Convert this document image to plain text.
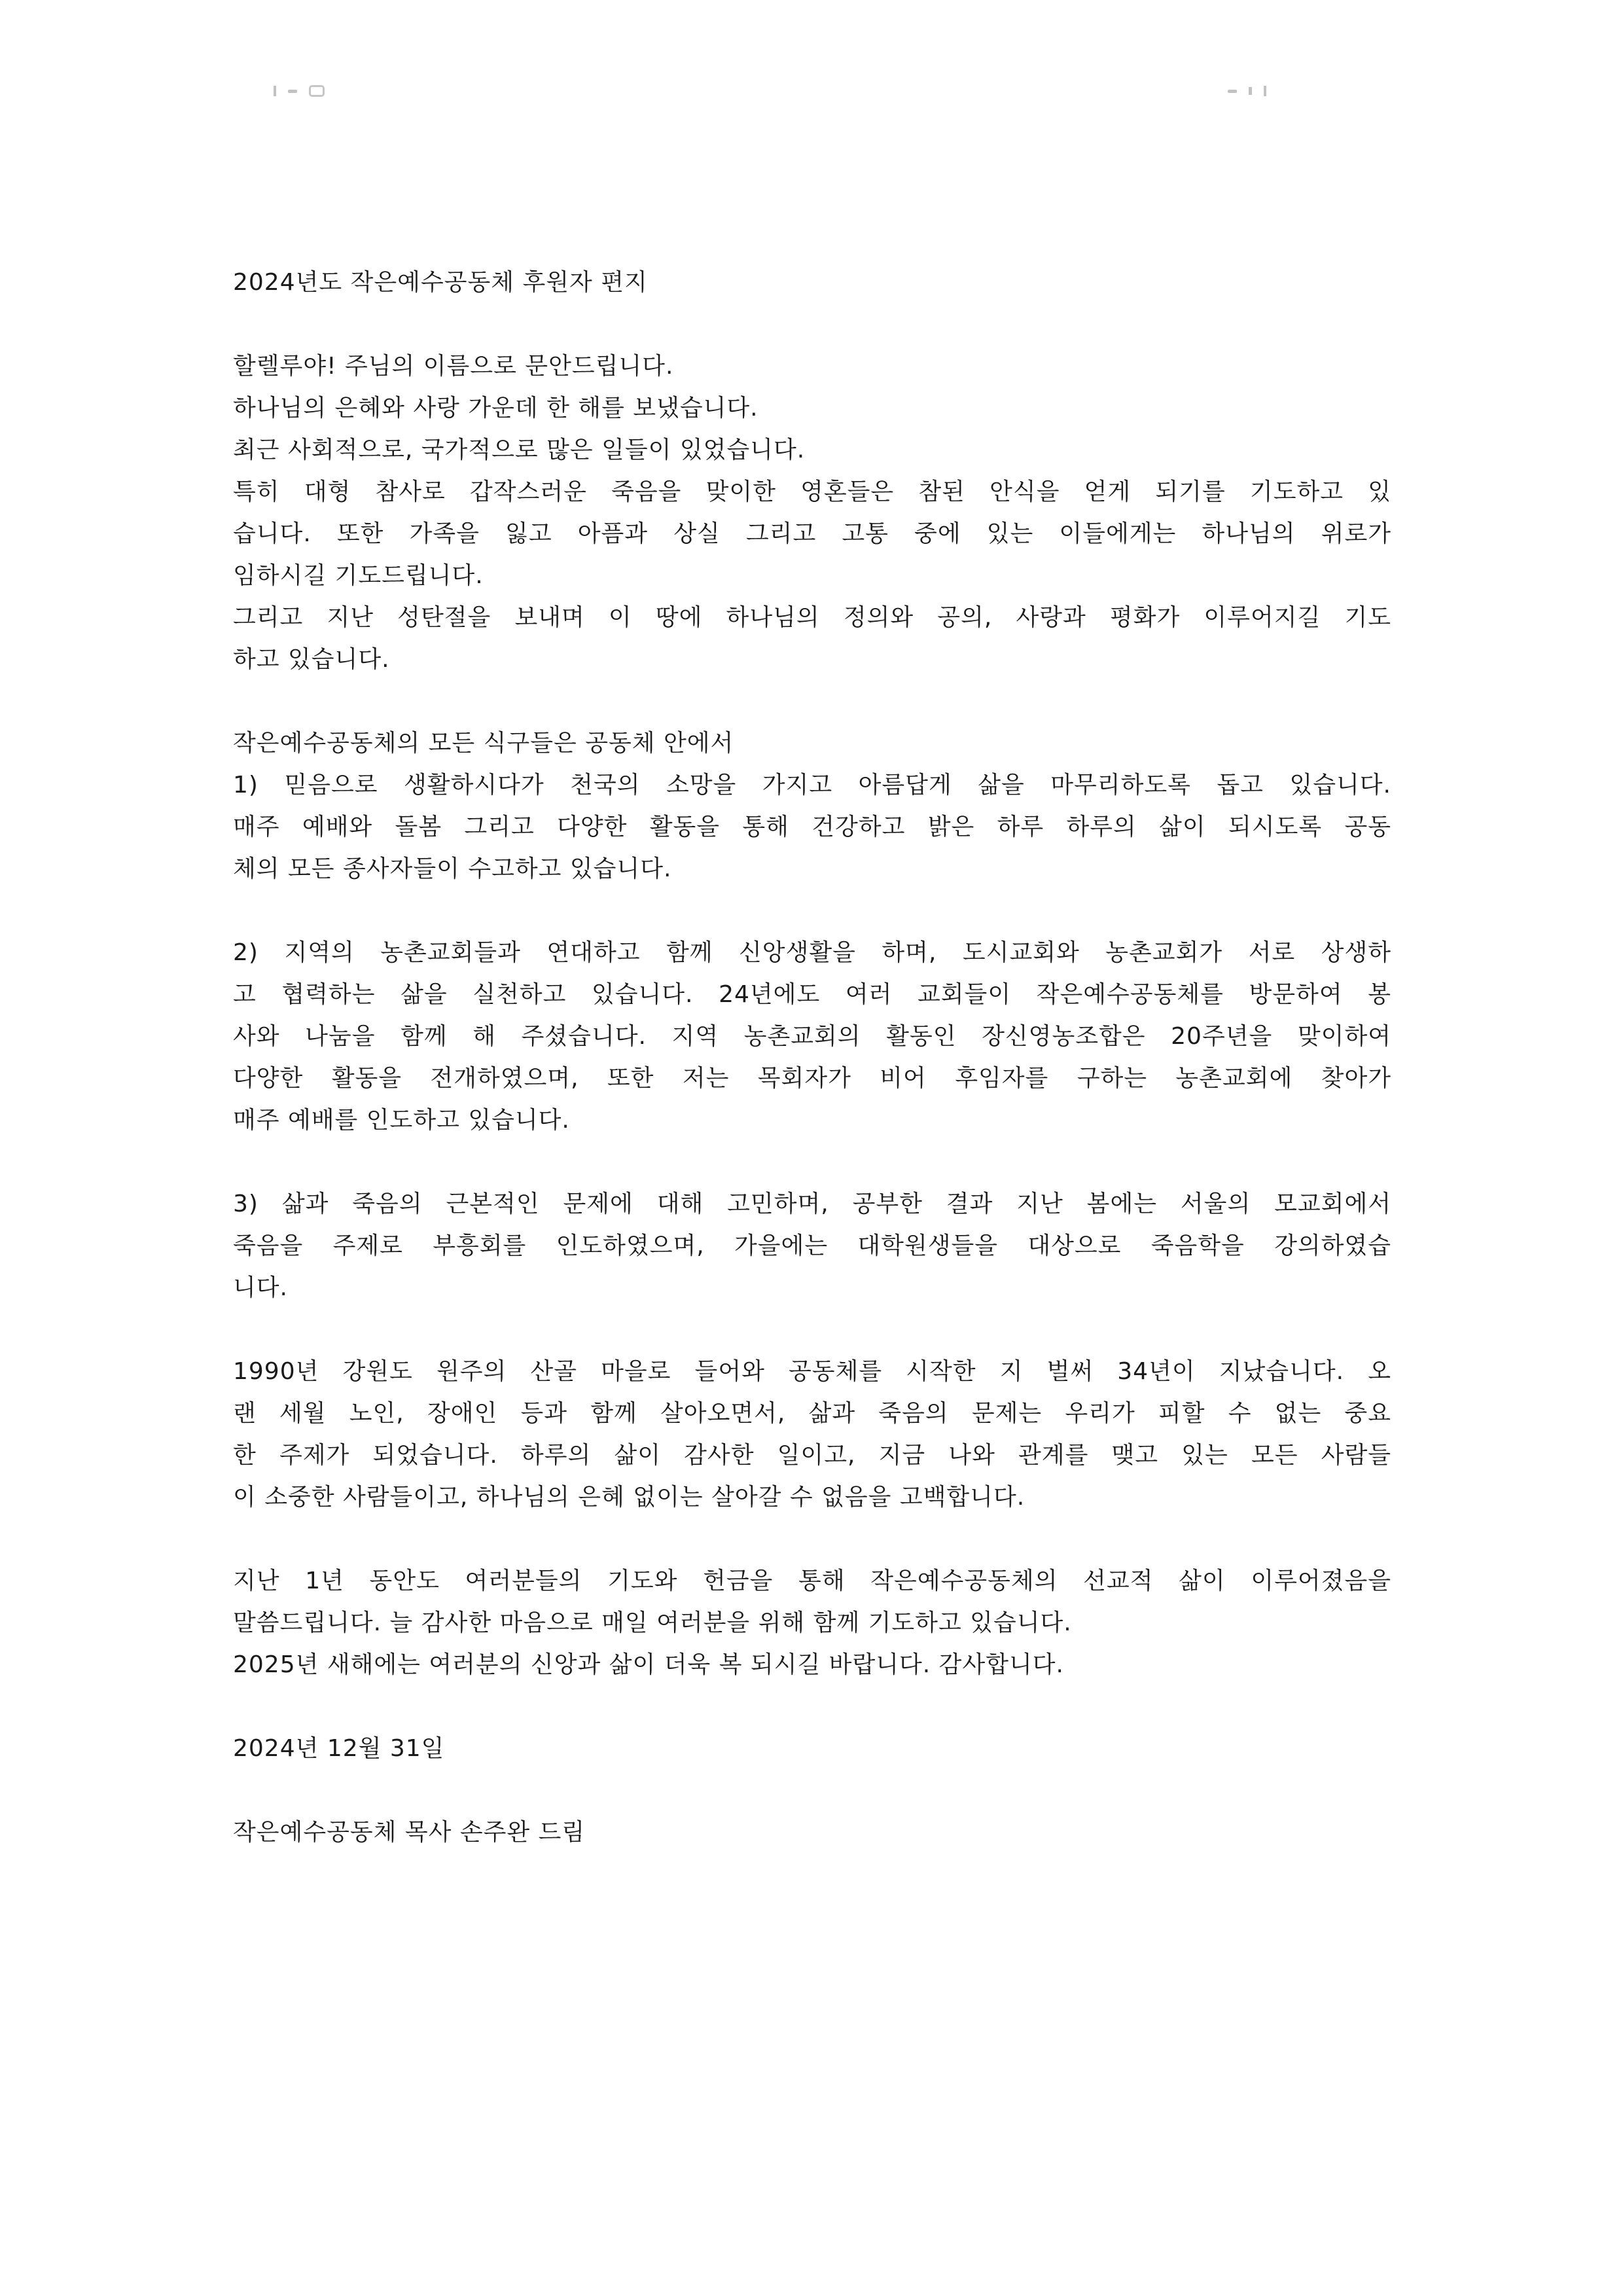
2024년도 작은예수공동체 후원자 편지
할렐루야! 주님의 이름으로 문안드립니다.
하나님의 은혜와 사랑 가운데 한 해를 보냈습니다.
최근 사회적으로, 국가적으로 많은 일들이 있었습니다.
특히 대형 참사로 갑작스러운 죽음을 맞이한 영혼들은 참된 안식을 얻게 되기를 기도하고 있
습니다. 또한 가족을 잃고 아픔과 상실 그리고 고통 중에 있는 이들에게는 하나님의 위로가
임하시길 기도드립니다.
그리고 지난 성탄절을 보내며 이 땅에 하나님의 정의와 공의, 사랑과 평화가 이루어지길 기도
하고 있습니다.
작은예수공동체의 모든 식구들은 공동체 안에서
1) 믿음으로 생활하시다가 천국의 소망을 가지고 아름답게 삶을 마무리하도록 돕고 있습니다.
매주 예배와 돌봄 그리고 다양한 활동을 통해 건강하고 밝은 하루 하루의 삶이 되시도록 공동
체의 모든 종사자들이 수고하고 있습니다.
2) 지역의 농촌교회들과 연대하고 함께 신앙생활을 하며, 도시교회와 농촌교회가 서로 상생하
고 협력하는 삶을 실천하고 있습니다. 24년에도 여러 교회들이 작은예수공동체를 방문하여 봉
사와 나눔을 함께 해 주셨습니다. 지역 농촌교회의 활동인 장신영농조합은 20주년을 맞이하여
다양한 활동을 전개하였으며, 또한 저는 목회자가 비어 후임자를 구하는 농촌교회에 찾아가
매주 예배를 인도하고 있습니다.
3) 삶과 죽음의 근본적인 문제에 대해 고민하며, 공부한 결과 지난 봄에는 서울의 모교회에서
죽음을 주제로 부흥회를 인도하였으며, 가을에는 대학원생들을 대상으로 죽음학을 강의하였습
니다.
1990년 강원도 원주의 산골 마을로 들어와 공동체를 시작한 지 벌써 34년이 지났습니다. 오
랜 세월 노인, 장애인 등과 함께 살아오면서, 삶과 죽음의 문제는 우리가 피할 수 없는 중요
한 주제가 되었습니다. 하루의 삶이 감사한 일이고, 지금 나와 관계를 맺고 있는 모든 사람들
이 소중한 사람들이고, 하나님의 은혜 없이는 살아갈 수 없음을 고백합니다.
지난 1년 동안도 여러분들의 기도와 헌금을 통해 작은예수공동체의 선교적 삶이 이루어졌음을
말씀드립니다. 늘 감사한 마음으로 매일 여러분을 위해 함께 기도하고 있습니다.
2025년 새해에는 여러분의 신앙과 삶이 더욱 복 되시길 바랍니다. 감사합니다.
2024년 12월 31일
작은예수공동체 목사 손주완 드림
